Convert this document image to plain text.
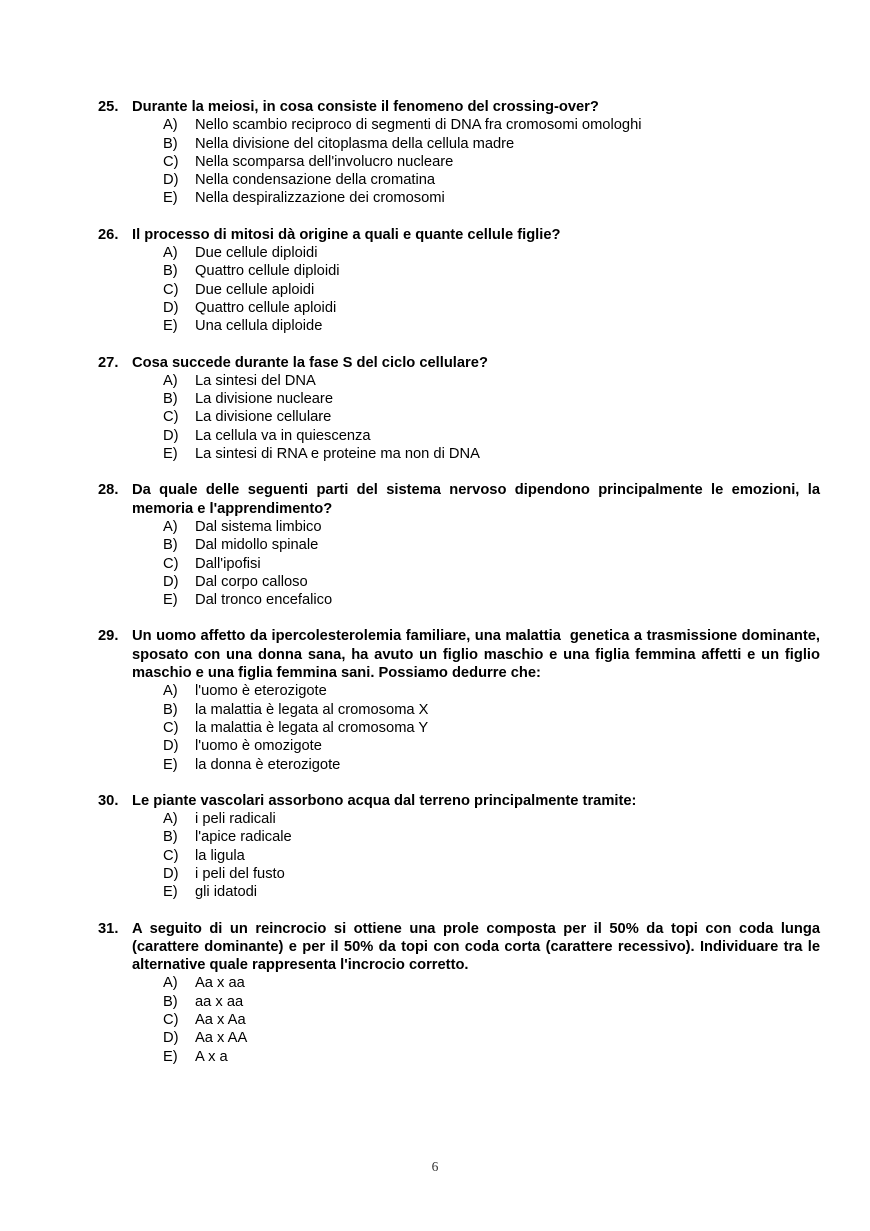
25. Durante la meiosi, in cosa consiste il fenomeno del crossing-over?
A)	Nello scambio reciproco di segmenti di DNA fra cromosomi omologhi
B)	Nella divisione del citoplasma della cellula madre
C)	Nella scomparsa dell'involucro nucleare
D)	Nella condensazione della cromatina
E)	Nella despiralizzazione dei cromosomi
26. Il processo di mitosi dà origine a quali e quante cellule figlie?
A)	Due cellule diploidi
B)	Quattro cellule diploidi
C)	Due cellule aploidi
D)	Quattro cellule aploidi
E)	Una cellula diploide
27. Cosa succede durante la fase S del ciclo cellulare?
A)	La sintesi del DNA
B)	La divisione nucleare
C)	La divisione cellulare
D)	La cellula va in quiescenza
E)	La sintesi di RNA e proteine ma non di DNA
28. Da quale delle seguenti parti del sistema nervoso dipendono principalmente le emozioni, la memoria e l'apprendimento?
A)	Dal sistema limbico
B)	Dal midollo spinale
C)	Dall'ipofisi
D)	Dal corpo calloso
E)	Dal tronco encefalico
29. Un uomo affetto da ipercolesterolemia familiare, una malattia  genetica a trasmissione dominante, sposato con una donna sana, ha avuto un figlio maschio e una figlia femmina affetti e un figlio maschio e una figlia femmina sani. Possiamo dedurre che:
A)	l'uomo è eterozigote
B)	la malattia è legata al cromosoma X
C)	la malattia è legata al cromosoma Y
D)	l'uomo è omozigote
E)	la donna è eterozigote
30. Le piante vascolari assorbono acqua dal terreno principalmente tramite:
A)	i peli radicali
B)	l'apice radicale
C)	la ligula
D)	i peli del fusto
E)	gli idatodi
31. A seguito di un reincrocio si ottiene una prole composta per il 50% da topi con coda lunga (carattere dominante) e per il 50% da topi con coda corta (carattere recessivo). Individuare tra le alternative quale rappresenta l'incrocio corretto.
A)	Aa x aa
B)	aa x aa
C)	Aa x Aa
D)	Aa x AA
E)	A x a
6
